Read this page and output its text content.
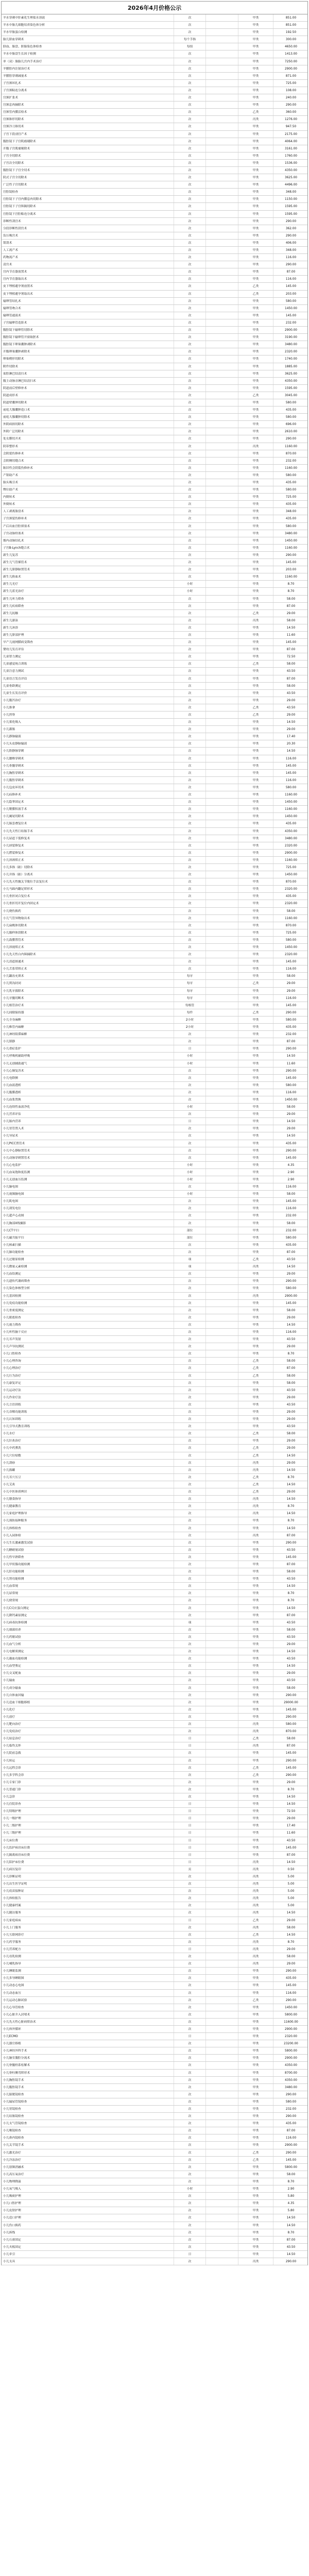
2026年4月价格公示
羊水穿刺中肝素化生理盐水溶液	次	甲类	851.00
羊水中胎儿细胞培养染色体分析	次	甲类	851.00
羊水甲胎蛋白检测	次	甲类	192.50
胎儿脐血穿刺术	每个手指	甲类	300.00
脐血、胎盘、胚胎染色体检查	每组	甲类	4650.00
羊水中胎盘生长因子检测	次	甲类	1413.00
单（双）胎胎儿宫内手术治疗	次	甲类	7250.00
羊膜腔内注射治疗术	次	甲类	2900.00
羊膜腔穿刺减量术	次	甲类	871.00
子宫颈环扎术	次	甲类	725.00
子宫颈粘连分离术	次	甲类	108.00
宫颈扩张术	次	甲类	240.00
宫颈息肉摘除术	次	甲类	290.00
宫颈管内膜活检术	次	乙类	360.00
宫颈锥形切除术	次	丙类	1276.00
宫颈冷刀锥切术	次	甲类	947.50
子宫下段剖宫产术	次	甲类	2175.00
腹腔镜下子宫肌瘤剔除术	次	甲类	4064.00
开腹子宫肌瘤剔除术	次	甲类	3161.00
子宫全切除术	次	甲类	1760.00
子宫次全切除术	次	甲类	1536.00
腹腔镜下子宫全切术	次	甲类	4350.00
阴式子宫全切除术	次	甲类	3625.00
广泛性子宫切除术	次	甲类	4496.00
宫腔镜检查	次	甲类	348.00
宫腔镜下子宫内膜息肉切除术	次	甲类	1150.00
宫腔镜下子宫纵隔切除术	次	甲类	1595.00
宫腔镜下宫腔粘连分离术	次	甲类	1595.00
诊断性刮宫术	次	甲类	290.00
分段诊断性刮宫术	次	甲类	362.00
负压吸宫术	次	甲类	290.00
钳刮术	次	甲类	406.00
人工流产术	次	甲类	348.00
药物流产术	次	甲类	116.00
清宫术	次	甲类	290.00
宫内节育器放置术	次	甲类	87.00
宫内节育器取出术	次	甲类	116.00
皮下埋植避孕剂放置术	次	乙类	145.00
皮下埋植避孕剂取出术	次	乙类	203.00
输卵管结扎术	次	甲类	580.00
输卵管吻合术	次	甲类	1450.00
输卵管通液术	次	甲类	145.00
子宫输卵管造影术	次	甲类	232.00
腹腔镜下输卵管切除术	次	甲类	2900.00
腹腔镜下输卵管开窗取胚术	次	甲类	3190.00
腹腔镜下卵巢囊肿剥除术	次	甲类	3480.00
开腹卵巢囊肿剥除术	次	甲类	2320.00
卵巢楔形切除术	次	甲类	1740.00
附件切除术	次	甲类	1885.00
盆腔淋巴结清扫术	次	甲类	3625.00
腹主动脉旁淋巴结清扫术	次	甲类	4350.00
阴道前后壁修补术	次	甲类	1595.00
阴道成形术	次	乙类	3045.00
阴道壁囊肿切除术	次	甲类	580.00
前庭大腺囊肿造口术	次	甲类	435.00
前庭大腺囊肿切除术	次	甲类	580.00
外阴病损切除术	次	甲类	696.00
外阴广泛切除术	次	甲类	2610.00
处女膜切开术	次	甲类	290.00
阴蒂整形术	次	丙类	1160.00
会阴裂伤修补术	次	甲类	870.00
会阴侧切缝合术	次	甲类	232.00
陈旧性会阴裂伤修补术	次	甲类	1160.00
产钳助产术	次	甲类	580.00
胎头吸引术	次	甲类	435.00
臀位助产术	次	甲类	580.00
内倒转术	次	甲类	725.00
外倒转术	次	甲类	435.00
人工剥离胎盘术	次	甲类	348.00
子宫颈裂伤修补术	次	甲类	435.00
产后出血宫腔填塞术	次	甲类	580.00
子宫动脉栓塞术	次	甲类	3480.00
髂内动脉结扎术	次	甲类	1450.00
子宫B-Lynch缝合术	次	甲类	1160.00
新生儿复苏	次	甲类	290.00
新生儿气管插管术	次	甲类	145.00
新生儿脐静脉置管术	次	甲类	203.00
新生儿换血术	次	甲类	1160.00
新生儿光疗	小时	甲类	8.70
新生儿蓝光治疗	小时	甲类	8.70
新生儿听力筛查	次	甲类	58.00
新生儿疾病筛查	次	甲类	87.00
新生儿抚触	次	乙类	29.00
新生儿游泳	次	丙类	58.00
新生儿沐浴	次	甲类	14.50
新生儿脐部护理	次	甲类	11.60
早产儿视网膜病变筛查	次	甲类	145.00
婴幼儿发育评估	次	甲类	87.00
儿童智力测定	次	甲类	72.50
儿童感觉统合训练	次	乙类	58.00
儿童注意力测试	次	甲类	43.50
儿童语言发育评估	次	甲类	87.00
儿童骨龄测定	次	甲类	58.00
儿童生长发育评价	次	甲类	43.50
小儿腹泻治疗	次	甲类	29.00
小儿推拿	次	乙类	43.50
小儿捏脊	次	乙类	29.00
小儿雾化吸入	次	甲类	14.50
小儿灌肠	次	甲类	29.00
小儿静脉输液	次	甲类	17.40
小儿头皮静脉输液	次	甲类	20.30
小儿股静脉穿刺	次	甲类	14.50
小儿腰椎穿刺术	次	甲类	116.00
小儿骨髓穿刺术	次	甲类	145.00
小儿胸腔穿刺术	次	甲类	145.00
小儿腹腔穿刺术	次	甲类	116.00
小儿包皮环切术	次	甲类	580.00
小儿疝修补术	次	甲类	1160.00
小儿隐睾固定术	次	甲类	1450.00
小儿鞘膜积液手术	次	甲类	1160.00
小儿阑尾切除术	次	甲类	1450.00
小儿肠套叠复位术	次	甲类	435.00
小儿先天性巨结肠手术	次	甲类	4350.00
小儿尿道下裂修复术	次	甲类	3480.00
小儿唇裂修复术	次	甲类	2320.00
小儿腭裂修复术	次	甲类	2900.00
小儿斜颈矫正术	次	甲类	1160.00
小儿多指（趾）切除术	次	甲类	725.00
小儿并指（趾）分离术	次	甲类	1450.00
小儿先天性髋关节脱位手法复位术	次	甲类	870.00
小儿马蹄内翻足矫形术	次	甲类	2320.00
小儿骨折闭合复位术	次	甲类	435.00
小儿骨折切开复位内固定术	次	甲类	2320.00
小儿烧伤换药	次	甲类	58.00
小儿气管异物取出术	次	甲类	1160.00
小儿扁桃体切除术	次	甲类	870.00
小儿腺样体刮除术	次	甲类	725.00
小儿鼓膜置管术	次	甲类	580.00
小儿斜视矫正术	次	甲类	1450.00
小儿先天性白内障摘除术	次	甲类	2320.00
小儿泪道探通术	次	甲类	145.00
小儿舌系带矫正术	次	甲类	116.00
小儿龋齿充填术	每牙	甲类	58.00
小儿窝沟封闭	每牙	乙类	29.00
小儿乳牙拔除术	每牙	甲类	29.00
小儿牙髓切断术	每牙	甲类	116.00
小儿根管治疗术	每根管	甲类	145.00
小儿间隙保持器	每件	乙类	290.00
小儿全身麻醉	2小时	甲类	580.00
小儿椎管内麻醉	2小时	甲类	435.00
小儿神经阻滞麻醉	次	甲类	232.00
小儿镇静	次	甲类	87.00
小儿重症监护	日	甲类	290.00
小儿呼吸机辅助呼吸	小时	甲类	14.50
小儿无创辅助通气	小时	甲类	11.60
小儿心肺复苏术	次	甲类	290.00
小儿电除颤	次	甲类	145.00
小儿血液透析	次	甲类	580.00
小儿腹膜透析	次	甲类	116.00
小儿血浆置换	次	甲类	1450.00
小儿连续性血液净化	小时	甲类	58.00
小儿营养评估	次	甲类	29.00
小儿肠内营养	日	甲类	14.50
小儿胃管置入术	次	甲类	29.00
小儿导尿术	次	甲类	14.50
小儿PICC置管术	次	甲类	435.00
小儿中心静脉置管术	次	甲类	290.00
小儿动脉穿刺置管术	次	甲类	145.00
小儿心电监护	小时	甲类	4.35
小儿血氧饱和度监测	小时	甲类	2.90
小儿无创血压监测	小时	甲类	2.90
小儿脑电图	次	甲类	116.00
小儿视频脑电图	小时	甲类	58.00
小儿肌电图	次	甲类	145.00
小儿诱发电位	次	甲类	116.00
小儿超声心动图	次	甲类	232.00
小儿胸部X线摄影	次	甲类	58.00
小儿CT平扫	部位	甲类	232.00
小儿磁共振平扫	部位	甲类	580.00
小儿核素扫描	次	甲类	435.00
小儿肺功能检查	次	甲类	87.00
小儿过敏原检测	项	乙类	43.50
小儿微量元素检测	项	丙类	14.50
小儿血铅测定	次	甲类	29.00
小儿遗传代谢病筛查	次	甲类	290.00
小儿染色体核型分析	次	甲类	580.00
小儿基因检测	次	丙类	2900.00
小儿免疫功能检测	次	甲类	145.00
小儿骨密度测定	次	甲类	58.00
小儿眼底检查	次	甲类	29.00
小儿视力筛查	次	甲类	14.50
小儿听性脑干反应	次	甲类	116.00
小儿耳声发射	次	甲类	43.50
小儿声导抗测试	次	甲类	29.00
小儿口腔检查	次	甲类	8.70
小儿心理咨询	次	乙类	58.00
小儿心理治疗	次	乙类	87.00
小儿行为治疗	次	乙类	58.00
小儿康复评定	次	甲类	58.00
小儿运动疗法	次	甲类	43.50
小儿作业疗法	次	甲类	29.00
小儿言语训练	次	甲类	43.50
小儿吞咽功能训练	次	甲类	29.00
小儿认知训练	次	甲类	29.00
小儿引导式教育训练	次	甲类	43.50
小儿水疗	次	乙类	58.00
小儿针灸治疗	次	甲类	29.00
小儿中药熏洗	次	乙类	29.00
小儿穴位贴敷	次	乙类	14.50
小儿刮痧	次	丙类	29.00
小儿拔罐	次	丙类	14.50
小儿耳穴压豆	次	乙类	8.70
小儿艾灸	次	乙类	14.50
小儿中医体质辨识	次	乙类	29.00
小儿膳食指导	次	丙类	14.50
小儿健康教育	次	丙类	8.70
小儿家庭护理指导	次	丙类	14.50
小儿预防接种服务	次	甲类	8.70
小儿体格检查	次	甲类	14.50
小儿入园体检	次	丙类	87.00
小儿生长激素激发试验	次	甲类	290.00
小儿糖耐量试验	次	甲类	43.50
小儿性早熟筛查	次	甲类	145.00
小儿甲状腺功能检测	次	甲类	87.00
小儿肝功能检测	次	甲类	58.00
小儿肾功能检测	次	甲类	43.50
小儿血常规	次	甲类	14.50
小儿尿常规	次	甲类	8.70
小儿便常规	次	甲类	8.70
小儿C反应蛋白测定	次	甲类	14.50
小儿降钙素原测定	次	甲类	87.00
小儿病毒抗体检测	项	甲类	43.50
小儿细菌培养	次	甲类	58.00
小儿药敏试验	次	甲类	43.50
小儿血气分析	次	甲类	29.00
小儿电解质测定	次	甲类	14.50
小儿凝血功能检测	次	甲类	43.50
小儿血型鉴定	次	甲类	14.50
小儿交叉配血	次	甲类	29.00
小儿输血	次	甲类	43.50
小儿成分输血	次	甲类	58.00
小儿自体血回输	次	甲类	290.00
小儿造血干细胞移植	次	甲类	29000.00
小儿化疗	次	甲类	145.00
小儿放疗	次	甲类	290.00
小儿靶向治疗	次	丙类	580.00
小儿免疫治疗	次	丙类	870.00
小儿姑息治疗	日	乙类	58.00
小儿临终关怀	日	丙类	87.00
小儿院前急救	次	甲类	145.00
小儿转运	次	甲类	290.00
小儿远程会诊	次	乙类	145.00
小儿多学科会诊	次	乙类	290.00
小儿专家门诊	次	甲类	29.00
小儿普通门诊	次	甲类	8.70
小儿急诊	次	甲类	14.50
小儿住院诊查	日	甲类	14.50
小儿特级护理	日	甲类	72.50
小儿一级护理	日	甲类	29.00
小儿二级护理	日	甲类	17.40
小儿三级护理	日	甲类	11.60
小儿床位费	日	甲类	43.50
小儿监护病房床位费	日	甲类	145.00
小儿隔离病房床位费	日	甲类	87.00
小儿陪护床位费	日	丙类	14.50
小儿病历复印	页	丙类	0.50
小儿诊断证明	次	丙类	5.00
小儿出生医学证明	次	丙类	5.00
小儿疫苗接种证	次	丙类	5.00
小儿体检报告	次	丙类	5.00
小儿健康档案	次	丙类	5.00
小儿随访服务	次	丙类	14.50
小儿家庭病床	日	乙类	29.00
小儿上门服务	次	丙类	58.00
小儿互联网诊疗	次	乙类	14.50
小儿药学服务	次	丙类	8.70
小儿营养配方	日	丙类	29.00
小儿母乳检测	次	丙类	58.00
小儿哺乳指导	次	丙类	29.00
小儿睡眠监测	次	甲类	290.00
小儿多导睡眠图	次	甲类	435.00
小儿动态心电图	次	甲类	145.00
小儿动态血压	次	甲类	116.00
小儿运动心肺试验	次	乙类	290.00
小儿心导管检查	次	甲类	1450.00
小儿心脏介入封堵术	次	甲类	5800.00
小儿先天性心脏病矫治术	次	甲类	11600.00
小儿体外循环	次	甲类	2900.00
小儿ECMO	日	甲类	2320.00
小儿器官移植	次	甲类	23200.00
小儿神经外科手术	次	甲类	5800.00
小儿脑室腹腔分流术	次	甲类	2900.00
小儿脊髓栓系松解术	次	甲类	4350.00
小儿脊柱侧弯矫形术	次	甲类	8700.00
小儿胸腔镜手术	次	甲类	4350.00
小儿腹腔镜手术	次	甲类	3480.00
小儿膀胱镜检查	次	甲类	290.00
小儿输尿管镜检查	次	甲类	580.00
小儿胃镜检查	次	甲类	232.00
小儿结肠镜检查	次	甲类	290.00
小儿支气管镜检查	次	甲类	435.00
小儿喉镜检查	次	甲类	87.00
小儿鼻内镜检查	次	甲类	116.00
小儿关节镜手术	次	甲类	2900.00
小儿激光治疗	次	乙类	290.00
小儿冷冻治疗	次	乙类	145.00
小儿射频消融术	次	甲类	5800.00
小儿高压氧治疗	次	甲类	58.00
小儿物理降温	次	甲类	8.70
小儿氧气吸入	小时	甲类	2.90
小儿吸痰护理	次	甲类	5.80
小儿口腔护理	次	甲类	4.35
小儿皮肤护理	次	甲类	5.80
小儿造口护理	次	甲类	14.50
小儿伤口换药	次	甲类	14.50
小儿拆线	次	甲类	8.70
小儿石膏固定	次	甲类	87.00
小儿夹板固定	次	甲类	43.50
小儿牵引	日	甲类	14.50
小儿支具	次	丙类	290.00
